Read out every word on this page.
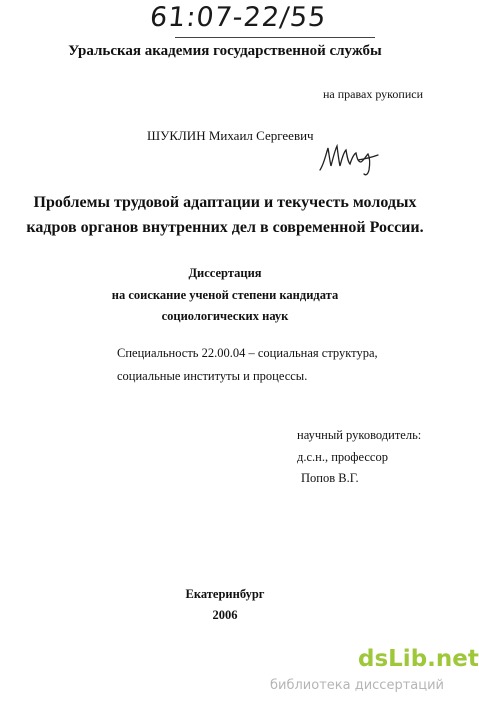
61:07-22/55
Уральская академия государственной службы
на правах рукописи
ШУКЛИН Михаил Сергеевич
Проблемы трудовой адаптации и текучесть молодых
кадров органов внутренних дел в современной России.
Диссертация
на соискание ученой степени кандидата
социологических наук
Специальность 22.00.04 – социальная структура,
социальные институты и процессы.
научный руководитель:
д.с.н., профессор
Попов В.Г.
Екатеринбург
2006
dsLib.net
библиотека диссертаций
